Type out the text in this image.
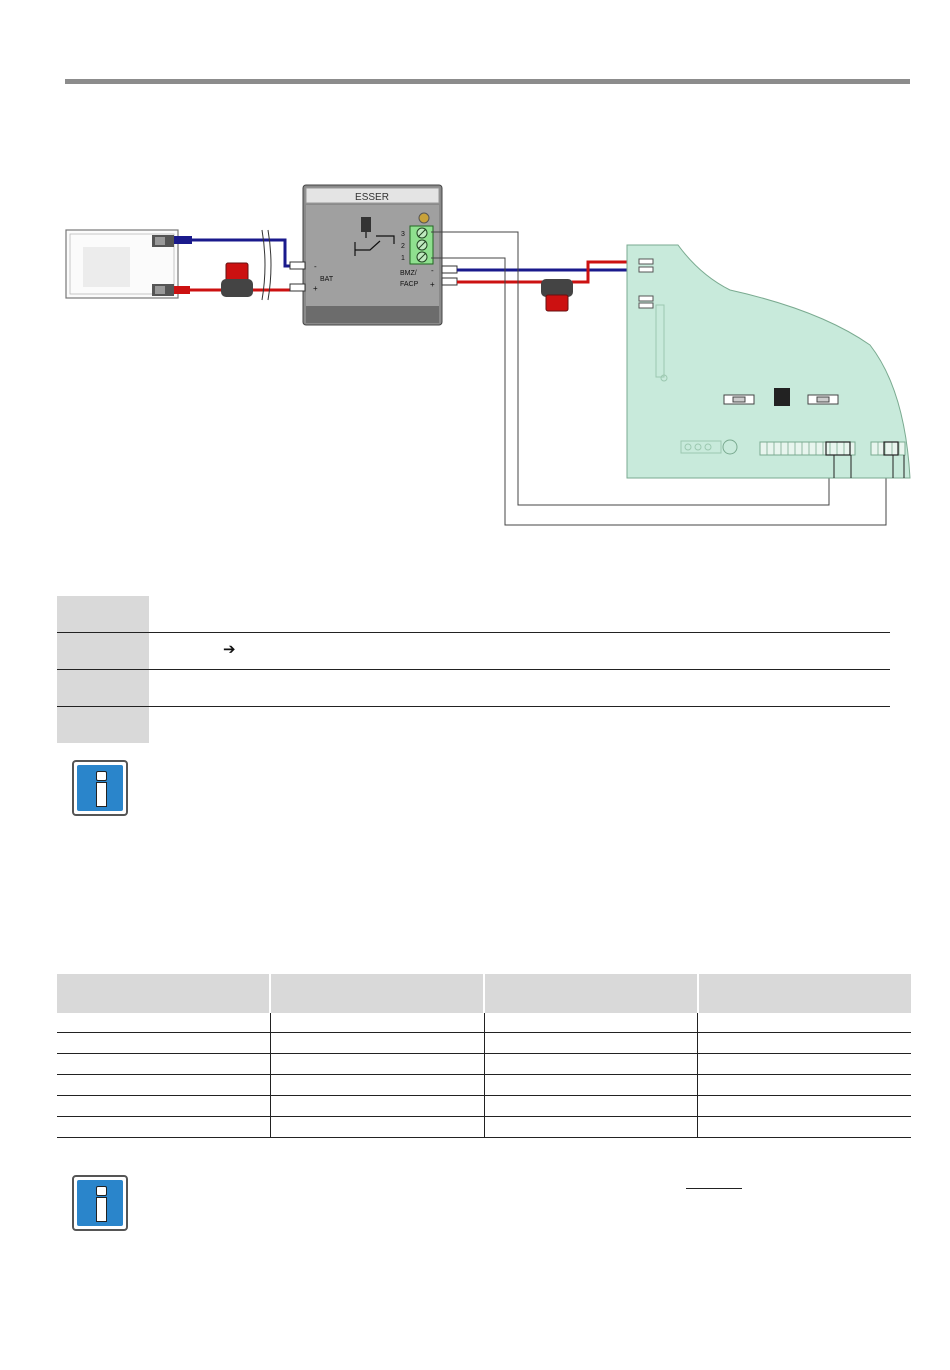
ESSER
3
2
1
BAT
-
+
BMZ/
FACP
-
+
➔
